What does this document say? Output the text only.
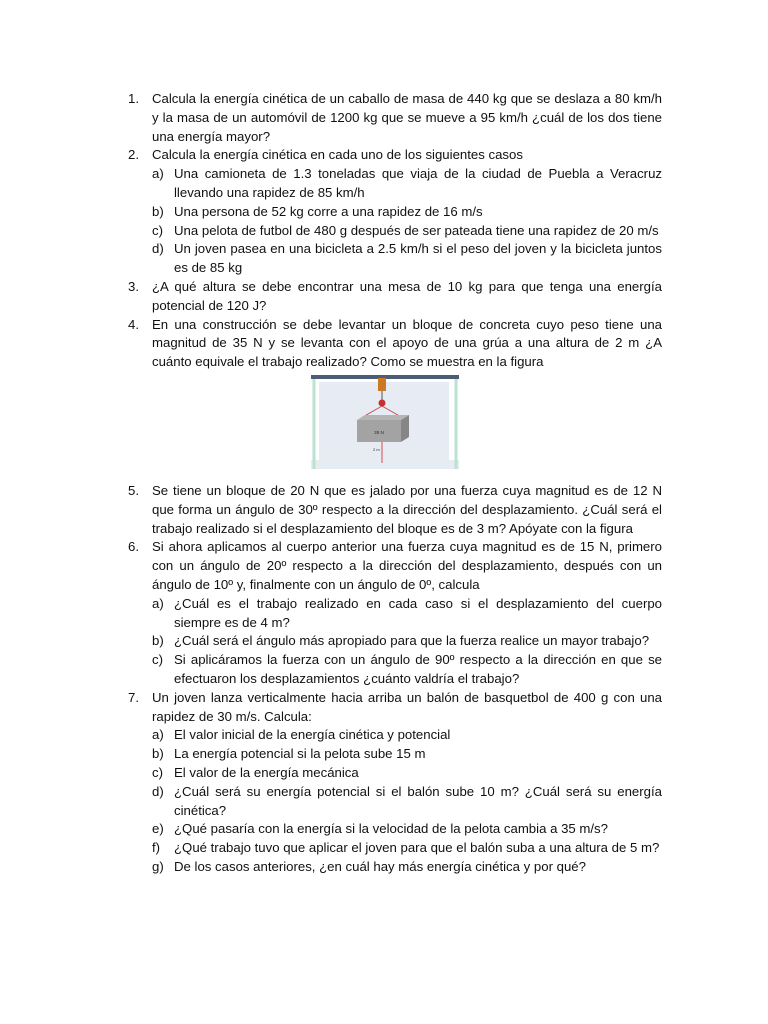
1. Calcula la energía cinética de un caballo de masa de 440 kg que se deslaza a 80 km/h y la masa de un automóvil de 1200 kg que se mueve a 95 km/h ¿cuál de los dos tiene una energía mayor?
2. Calcula la energía cinética en cada uno de los siguientes casos
a) Una camioneta de 1.3 toneladas que viaja de la ciudad de Puebla a Veracruz llevando una rapidez de 85 km/h
b) Una persona de 52 kg corre a una rapidez de 16 m/s
c) Una pelota de futbol de 480 g después de ser pateada tiene una rapidez de 20 m/s
d) Un joven pasea en una bicicleta a 2.5 km/h si el peso del joven y la bicicleta juntos es de 85 kg
3. ¿A qué altura se debe encontrar una mesa de 10 kg para que tenga una energía potencial de 120 J?
4. En una construcción se debe levantar un bloque de concreta cuyo peso tiene una magnitud de 35 N y se levanta con el apoyo de una grúa a una altura de 2 m ¿A cuánto equivale el trabajo realizado? Como se muestra en la figura
35 N
2 m
5. Se tiene un bloque de 20 N que es jalado por una fuerza cuya magnitud es de 12 N que forma un ángulo de 30º respecto a la dirección del desplazamiento. ¿Cuál será el trabajo realizado si el desplazamiento del bloque es de 3 m? Apóyate con la figura
6. Si ahora aplicamos al cuerpo anterior una fuerza cuya magnitud es de 15 N, primero con un ángulo de 20º respecto a la dirección del desplazamiento, después con un ángulo de 10º y, finalmente con un ángulo de 0º, calcula
a) ¿Cuál es el trabajo realizado en cada caso si el desplazamiento del cuerpo siempre es de 4 m?
b) ¿Cuál será el ángulo más apropiado para que la fuerza realice un mayor trabajo?
c) Si aplicáramos la fuerza con un ángulo de 90º respecto a la dirección en que se efectuaron los desplazamientos ¿cuánto valdría el trabajo?
7. Un joven lanza verticalmente hacia arriba un balón de basquetbol de 400 g con una rapidez de 30 m/s. Calcula:
a) El valor inicial de la energía cinética y potencial
b) La energía potencial si la pelota sube 15 m
c) El valor de la energía mecánica
d) ¿Cuál será su energía potencial si el balón sube 10 m? ¿Cuál será su energía cinética?
e) ¿Qué pasaría con la energía si la velocidad de la pelota cambia a 35 m/s?
f)	¿Qué trabajo tuvo que aplicar el joven para que el balón suba a una altura de 5 m?
g) De los casos anteriores, ¿en cuál hay más energía cinética y por qué?
